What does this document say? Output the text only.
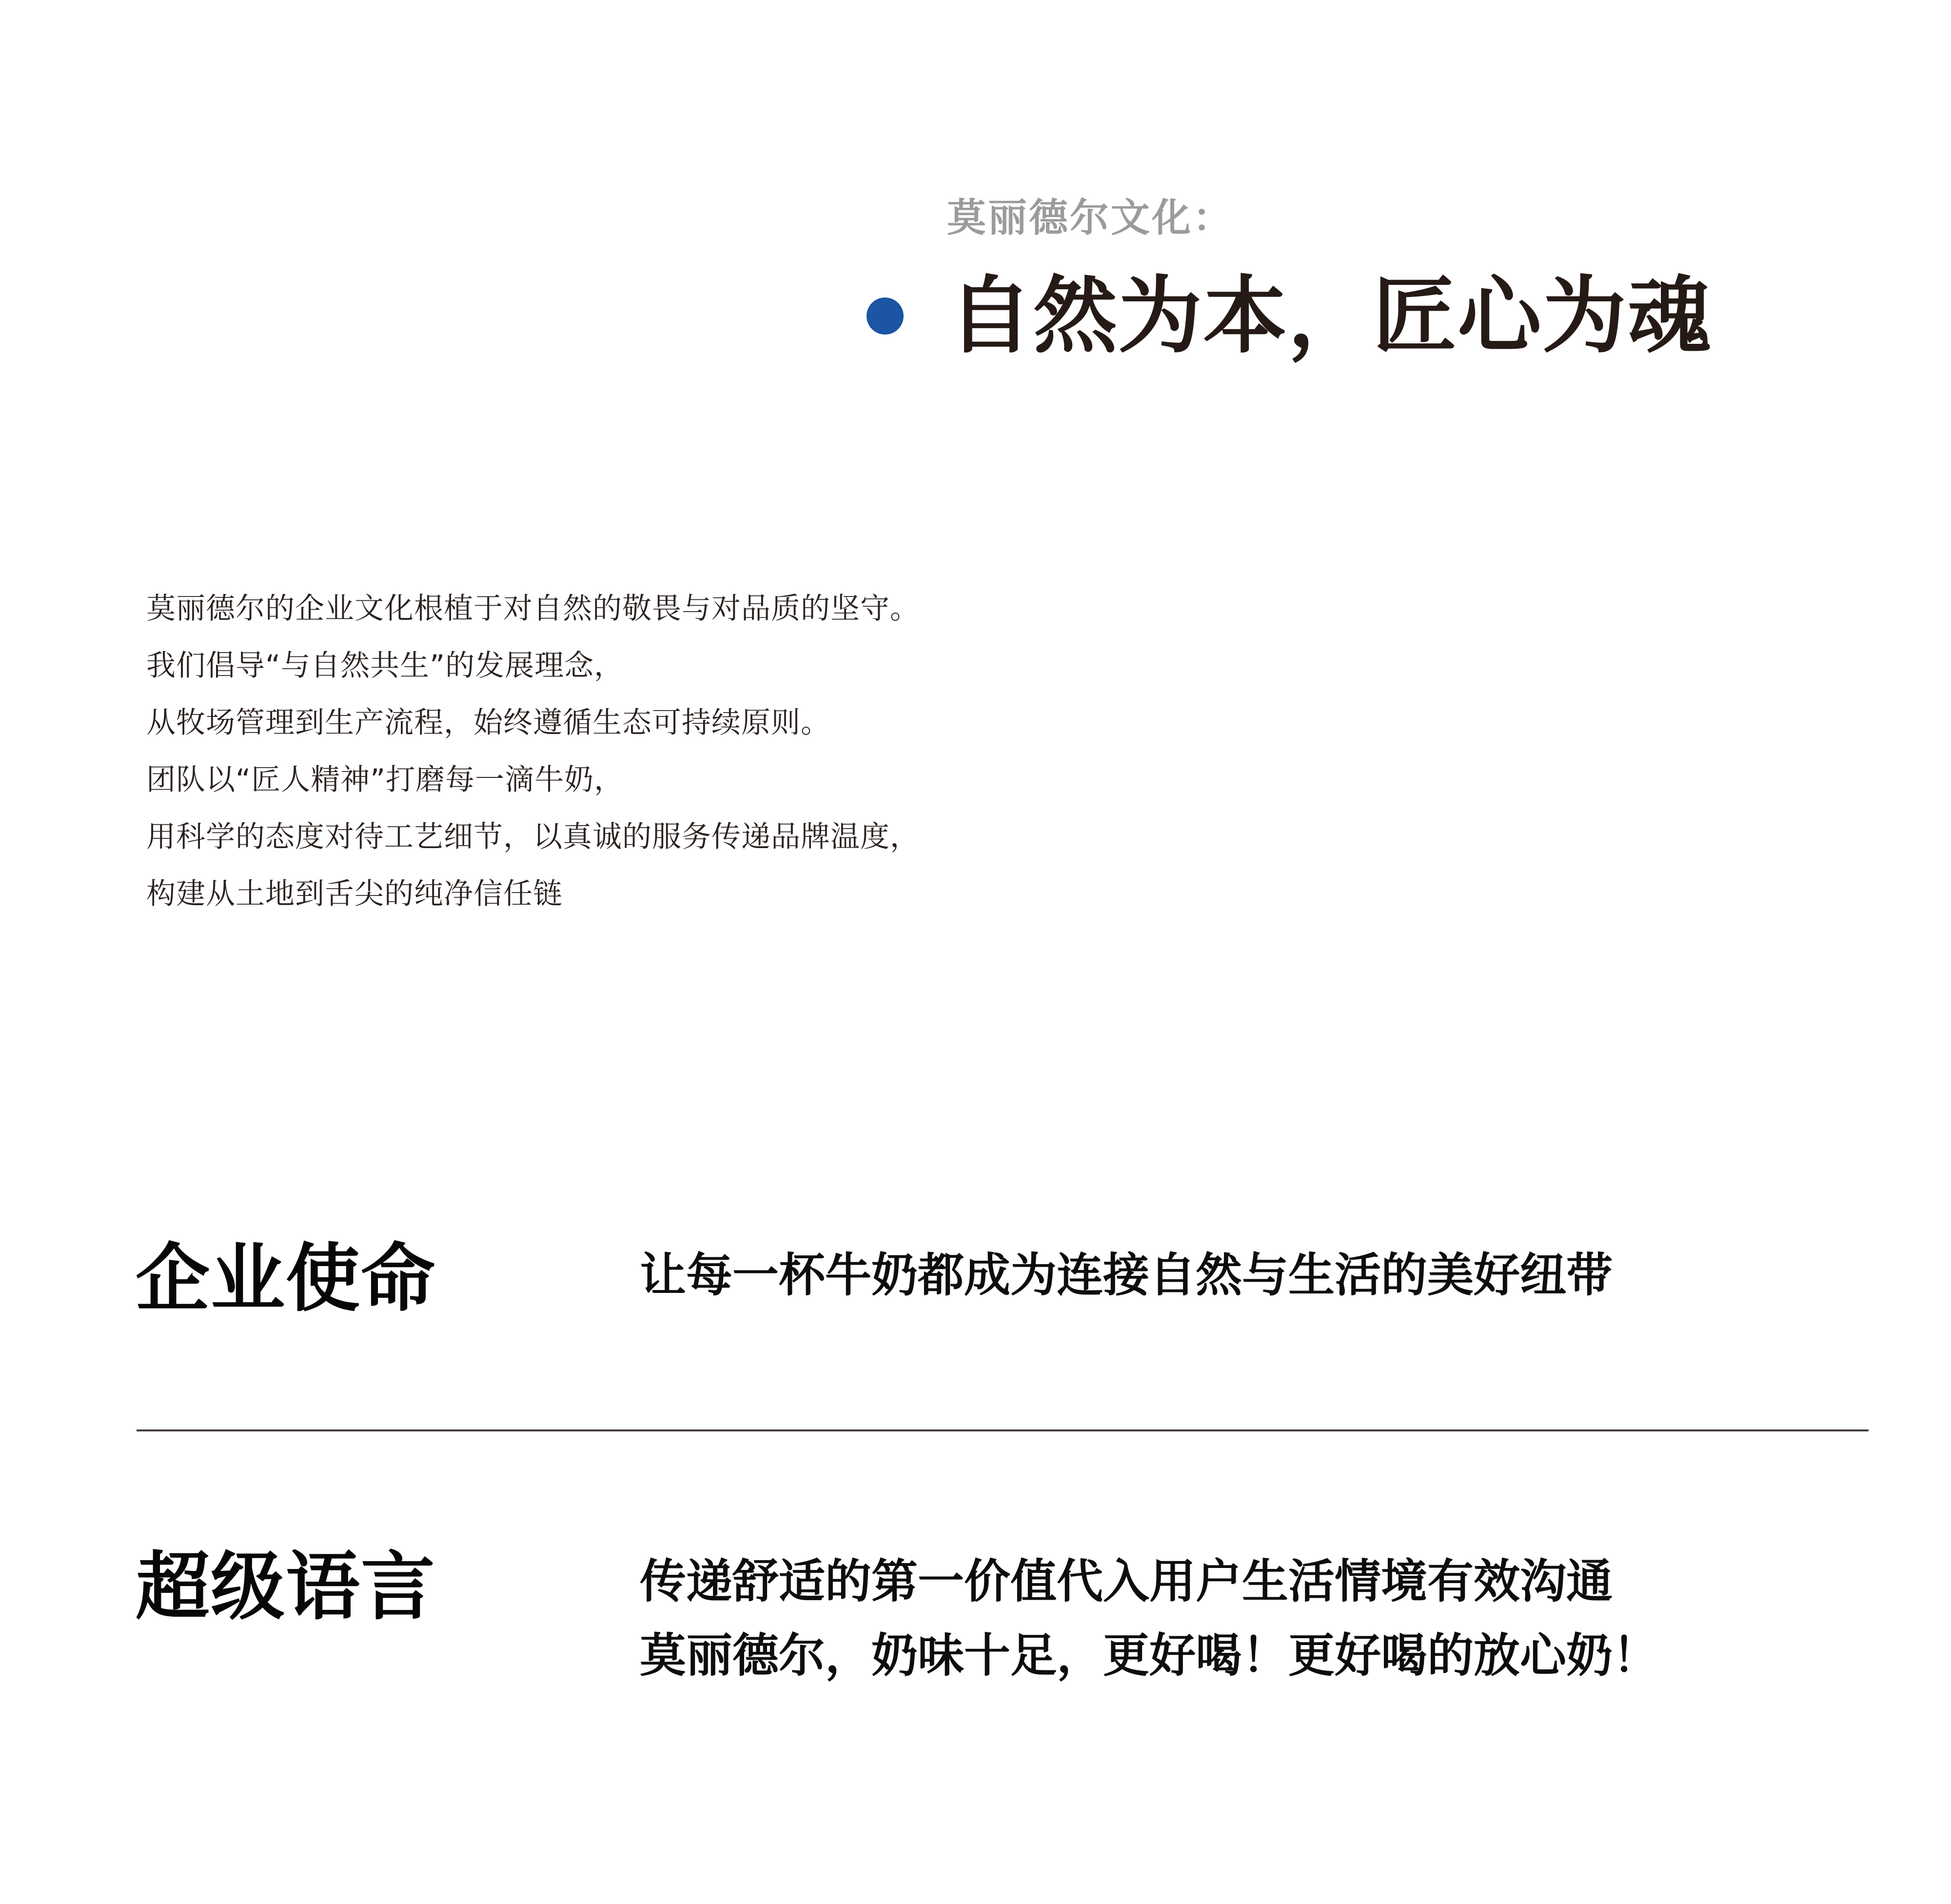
莫丽德尔文化：
自然为本，匠心为魂

莫丽德尔的企业文化根植于对自然的敬畏与对品质的坚守。

我们倡导“与自然共生”的发展理念，

从牧场管理到生产流程，始终遵循生态可持续原则。

团队以“匠人精神”打磨每一滴牛奶，

用科学的态度对待工艺细节，以真诚的服务传递品牌温度，

构建从土地到舌尖的纯净信任链

企业使命	让每一杯牛奶都成为连接自然与生活的美好纽带

超级语言	传递舒适的第一价值代入用户生活情境有效沟通

莫丽德尔，奶味十足，更好喝！更好喝的放心奶！
